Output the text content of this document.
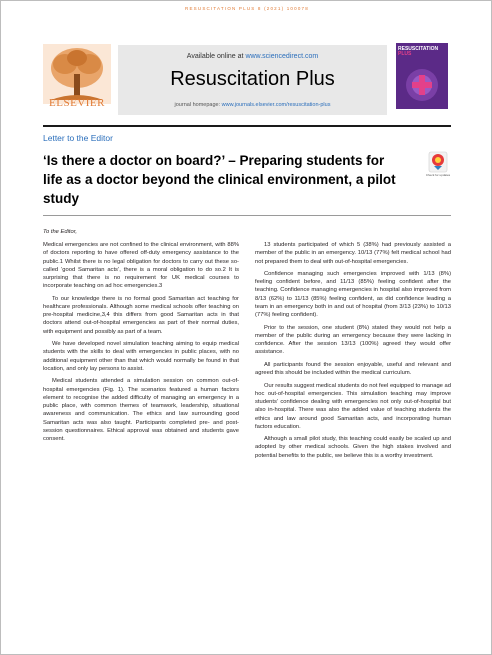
RESUSCITATION PLUS 8 (2021) 100078
ELSEVIER
Available online at www.sciencedirect.com
Resuscitation Plus
journal homepage: www.journals.elsevier.com/resuscitation-plus
RESUSCITATION
PLUS
Letter to the Editor
‘Is there a doctor on board?’ – Preparing students for life as a doctor beyond the clinical environment, a pilot study
Check for updates
To the Editor,

Medical emergencies are not confined to the clinical environment, with 88% of doctors reporting to have offered off-duty emergency assistance to the public.1 Whilst there is no legal obligation for doctors to carry out these so-called ‘good Samaritan acts’, there is a moral obligation to do so.2 It is surprising that there is no requirement for UK medical courses to incorporate teaching on ad hoc emergencies.3

To our knowledge there is no formal good Samaritan act teaching for healthcare professionals. Although some medical schools offer teaching on pre-hospital medicine,3,4 this differs from good Samaritan acts in that doctors attend out-of-hospital emergencies as part of their normal duties, with equipment and possibly as part of a team.

We have developed novel simulation teaching aiming to equip medical students with the skills to deal with emergencies in public places, with no additional equipment other than that which would normally be found in that location, and only lay persons to assist.

Medical students attended a simulation session on common out-of-hospital emergencies (Fig. 1). The scenarios featured a human factors element to recognise the added difficulty of managing an emergency in a public place, with common themes of teamwork, leadership, situational awareness and communication. The ethics and law surrounding good Samaritan acts was also taught. Participants completed pre- and post-session questionnaires. Ethical approval was obtained and students gave consent.

13 students participated of which 5 (38%) had previously assisted a member of the public in an emergency. 10/13 (77%) felt medical school had not prepared them to deal with out-of-hospital emergencies.

Confidence managing such emergencies improved with 1/13 (8%) feeling confident before, and 11/13 (85%) feeling confident after the teaching. Confidence managing emergencies in hospital also improved from 8/13 (62%) to 11/13 (85%) feeling confident, as did confidence leading a team in an emergency both in and out of hospital (from 3/13 (23%) to 10/13 (77%) feeling confident).

Prior to the session, one student (8%) stated they would not help a member of the public during an emergency because they were lacking in confidence. After the session 13/13 (100%) agreed they would offer assistance.

All participants found the session enjoyable, useful and relevant and agreed this should be included within the medical curriculum.

Our results suggest medical students do not feel equipped to manage ad hoc out-of-hospital emergencies. This simulation teaching may improve students’ confidence dealing with emergencies not only out-of-hospital but also in-hospital. There was also the added value of teaching students the ethics and law around good Samaritan acts, and incorporating human factors education.

Although a small pilot study, this teaching could easily be scaled up and adopted by other medical schools. Given the high stakes involved and potential benefits to the public, we believe this is a worthy investment.
